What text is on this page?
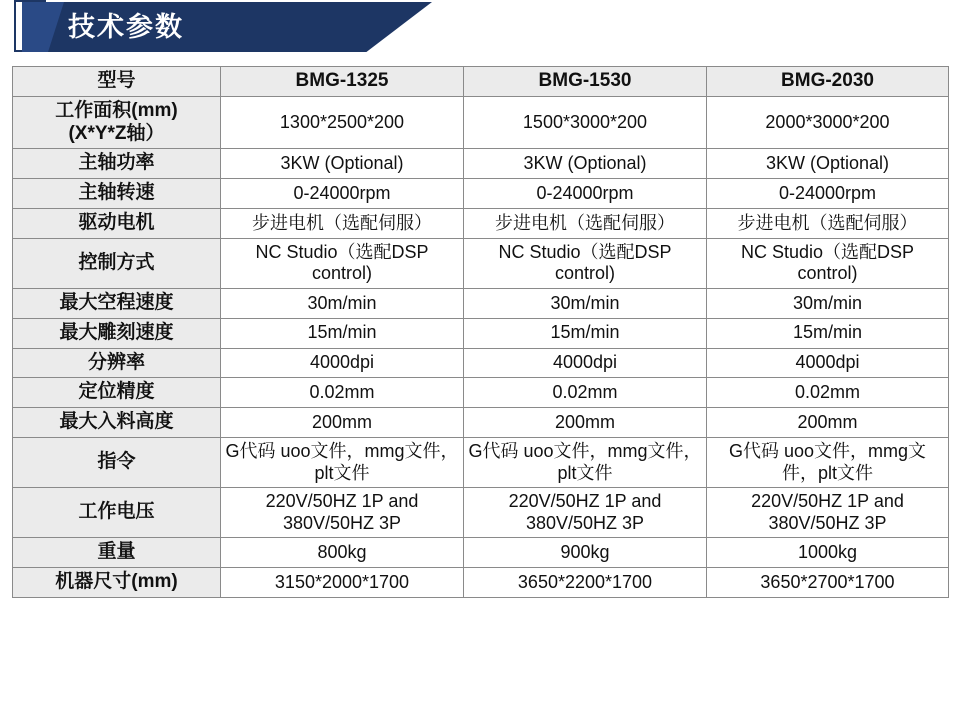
技术参数
型号	BMG-1325	BMG-1530	BMG-2030

工作面积(mm)
(X*Y*Z轴）	1300*2500*200	1500*3000*200	2000*3000*200
主轴功率	3KW (Optional)	3KW (Optional)	3KW (Optional)
主轴转速	0-24000rpm	0-24000rpm	0-24000rpm
驱动电机	步进电机（选配伺服）	步进电机（选配伺服）	步进电机（选配伺服）
控制方式	NC Studio（选配DSP control)	NC Studio（选配DSP control)	NC Studio（选配DSP control)
最大空程速度	30m/min	30m/min	30m/min
最大雕刻速度	15m/min	15m/min	15m/min
分辨率	4000dpi	4000dpi	4000dpi
定位精度	0.02mm	0.02mm	0.02mm
最大入料高度	200mm	200mm	200mm
指令	G代码 uoo文件，mmg文件，plt文件	G代码 uoo文件，mmg文件，plt文件	G代码 uoo文件，mmg文件，plt文件
工作电压	220V/50HZ 1P and 380V/50HZ 3P	220V/50HZ 1P and 380V/50HZ 3P	220V/50HZ 1P and 380V/50HZ 3P
重量	800kg	900kg	1000kg
机器尺寸(mm)	3150*2000*1700	3650*2200*1700	3650*2700*1700
